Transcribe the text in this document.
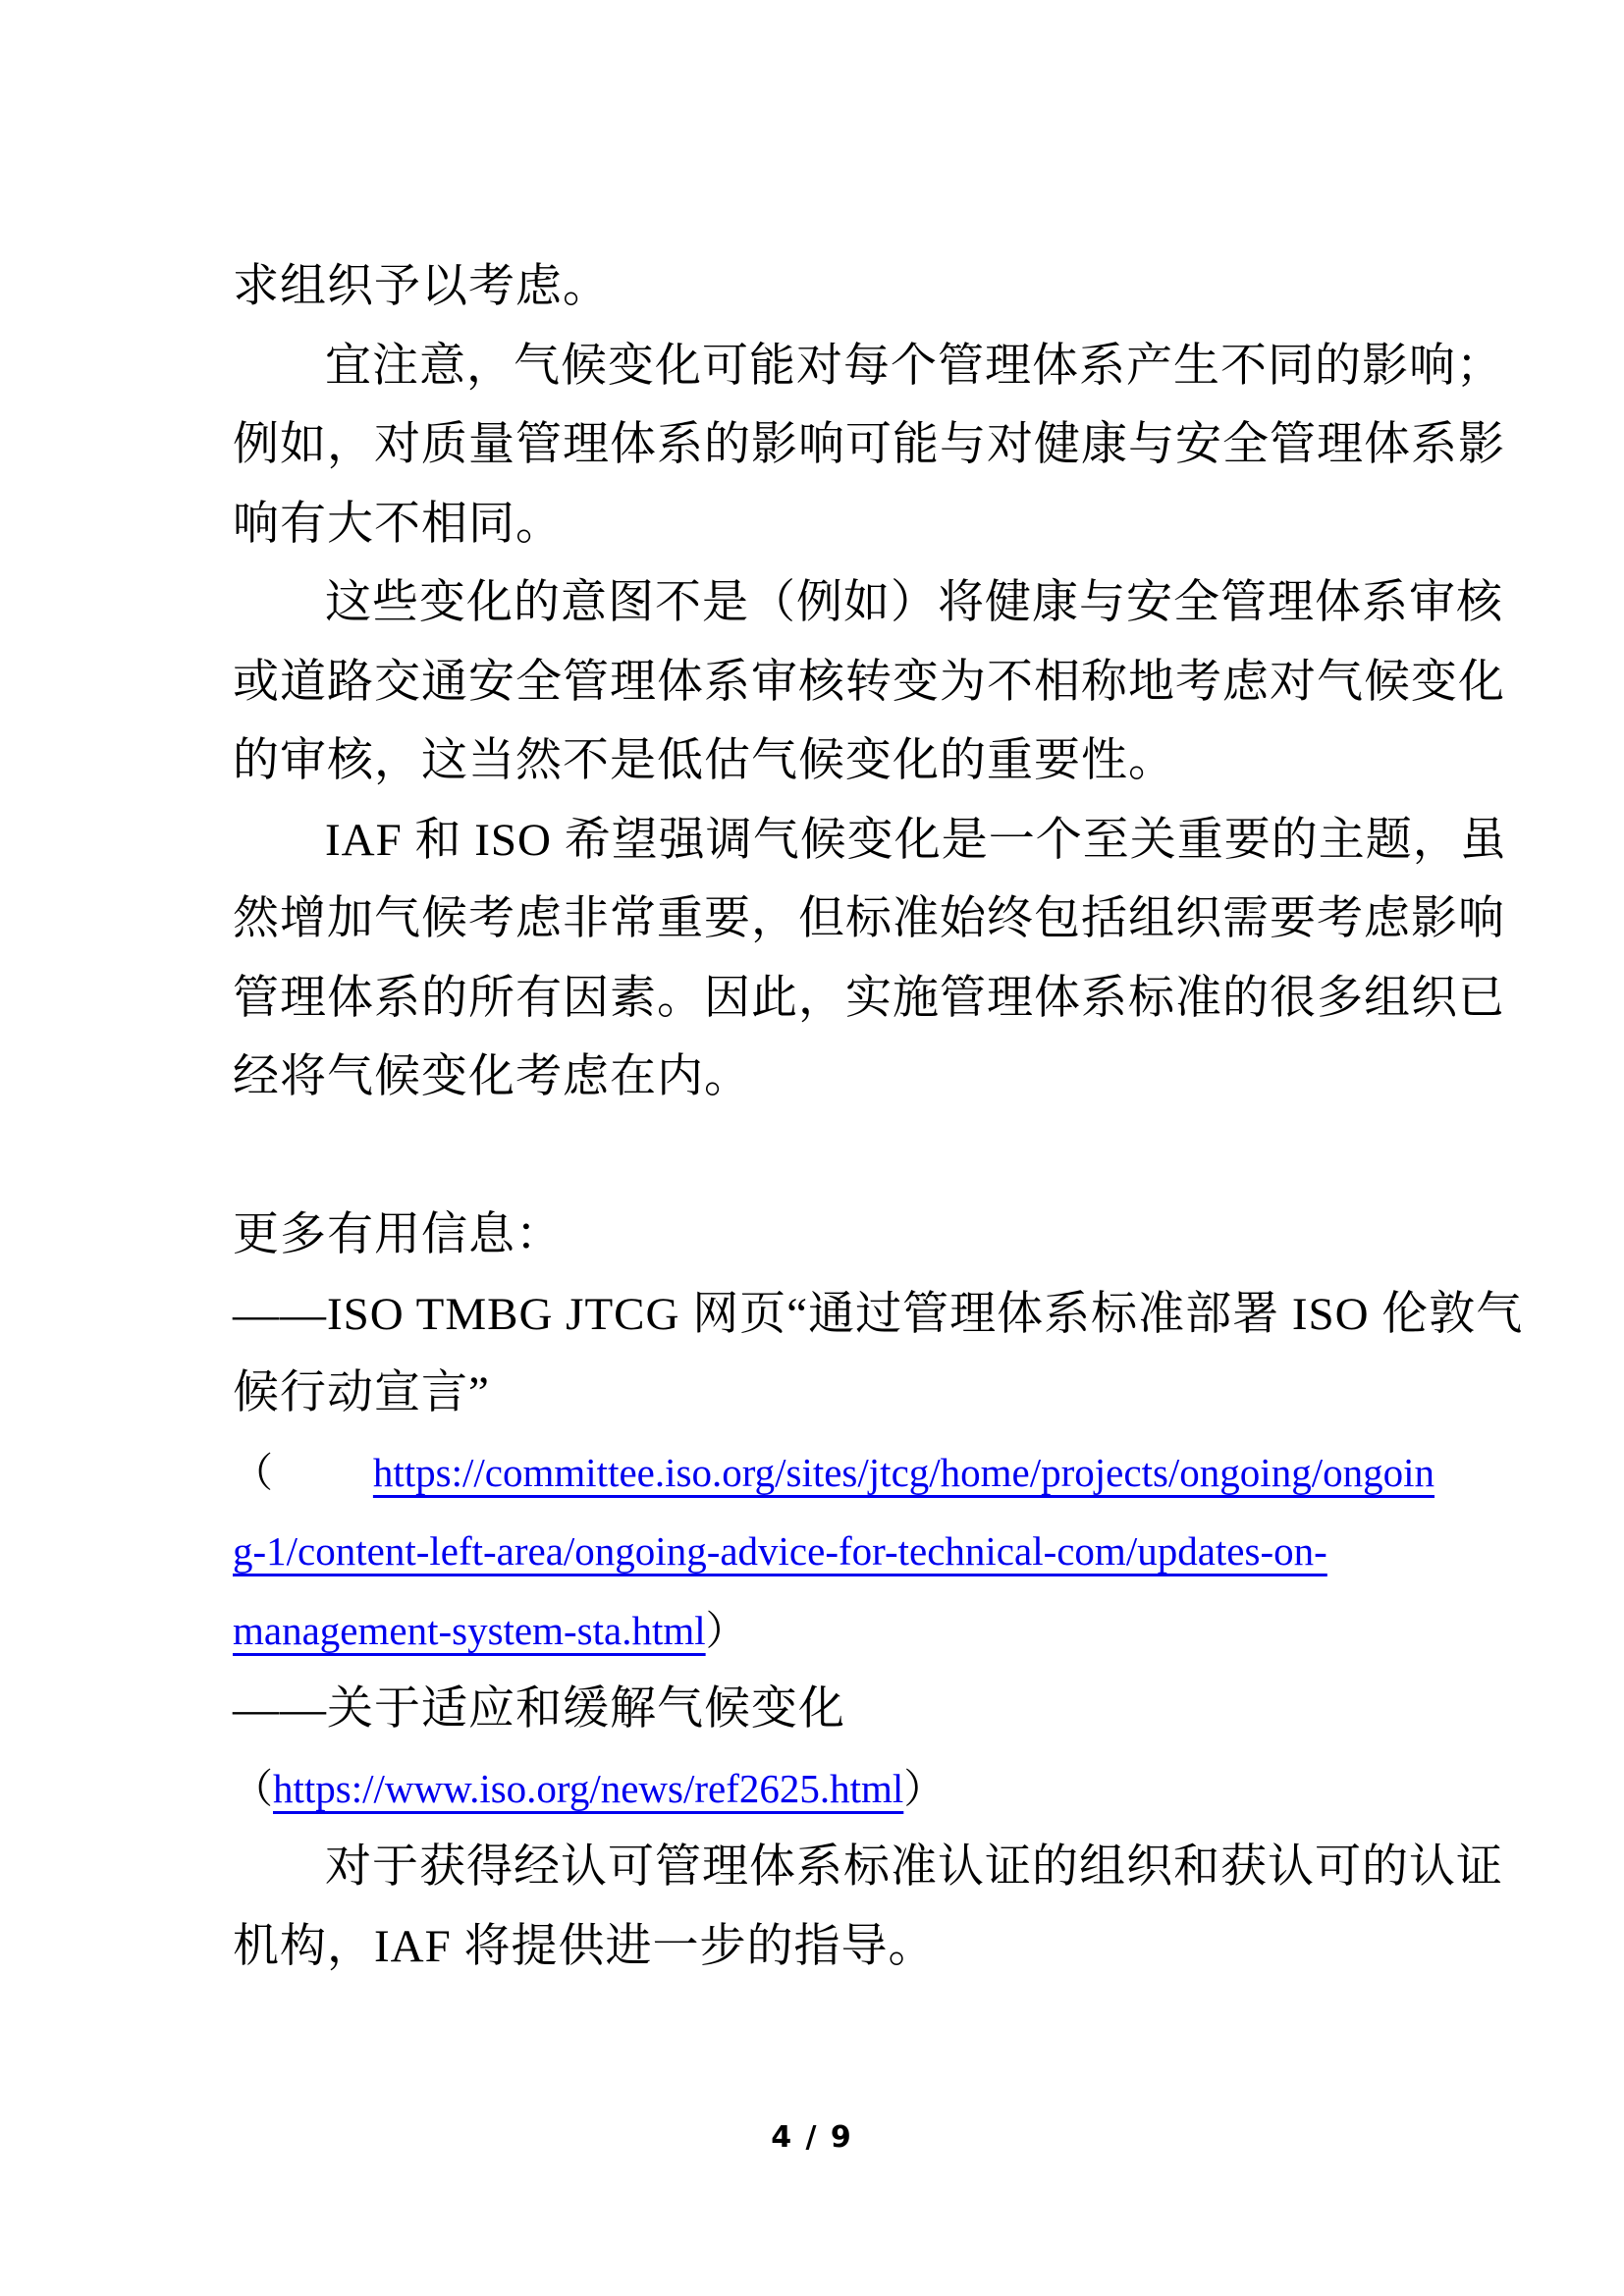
求组织予以考虑。
宜注意，气候变化可能对每个管理体系产生不同的影响；
例如，对质量管理体系的影响可能与对健康与安全管理体系影
响有大不相同。
这些变化的意图不是（例如）将健康与安全管理体系审核
或道路交通安全管理体系审核转变为不相称地考虑对气候变化
的审核，这当然不是低估气候变化的重要性。
IAF 和 ISO 希望强调气候变化是一个至关重要的主题，虽
然增加气候考虑非常重要，但标准始终包括组织需要考虑影响
管理体系的所有因素。因此，实施管理体系标准的很多组织已
经将气候变化考虑在内。
更多有用信息：
——ISO TMBG JTCG 网页“通过管理体系标准部署 ISO 伦敦气
候行动宣言”
（https://committee.iso.org/sites/jtcg/home/projects/ongoing/ongoin
g-1/content-left-area/ongoing-advice-for-technical-com/updates-on-
management-system-sta.html）
——关于适应和缓解气候变化
（https://www.iso.org/news/ref2625.html）
对于获得经认可管理体系标准认证的组织和获认可的认证
机构，IAF 将提供进一步的指导。
4 / 9
